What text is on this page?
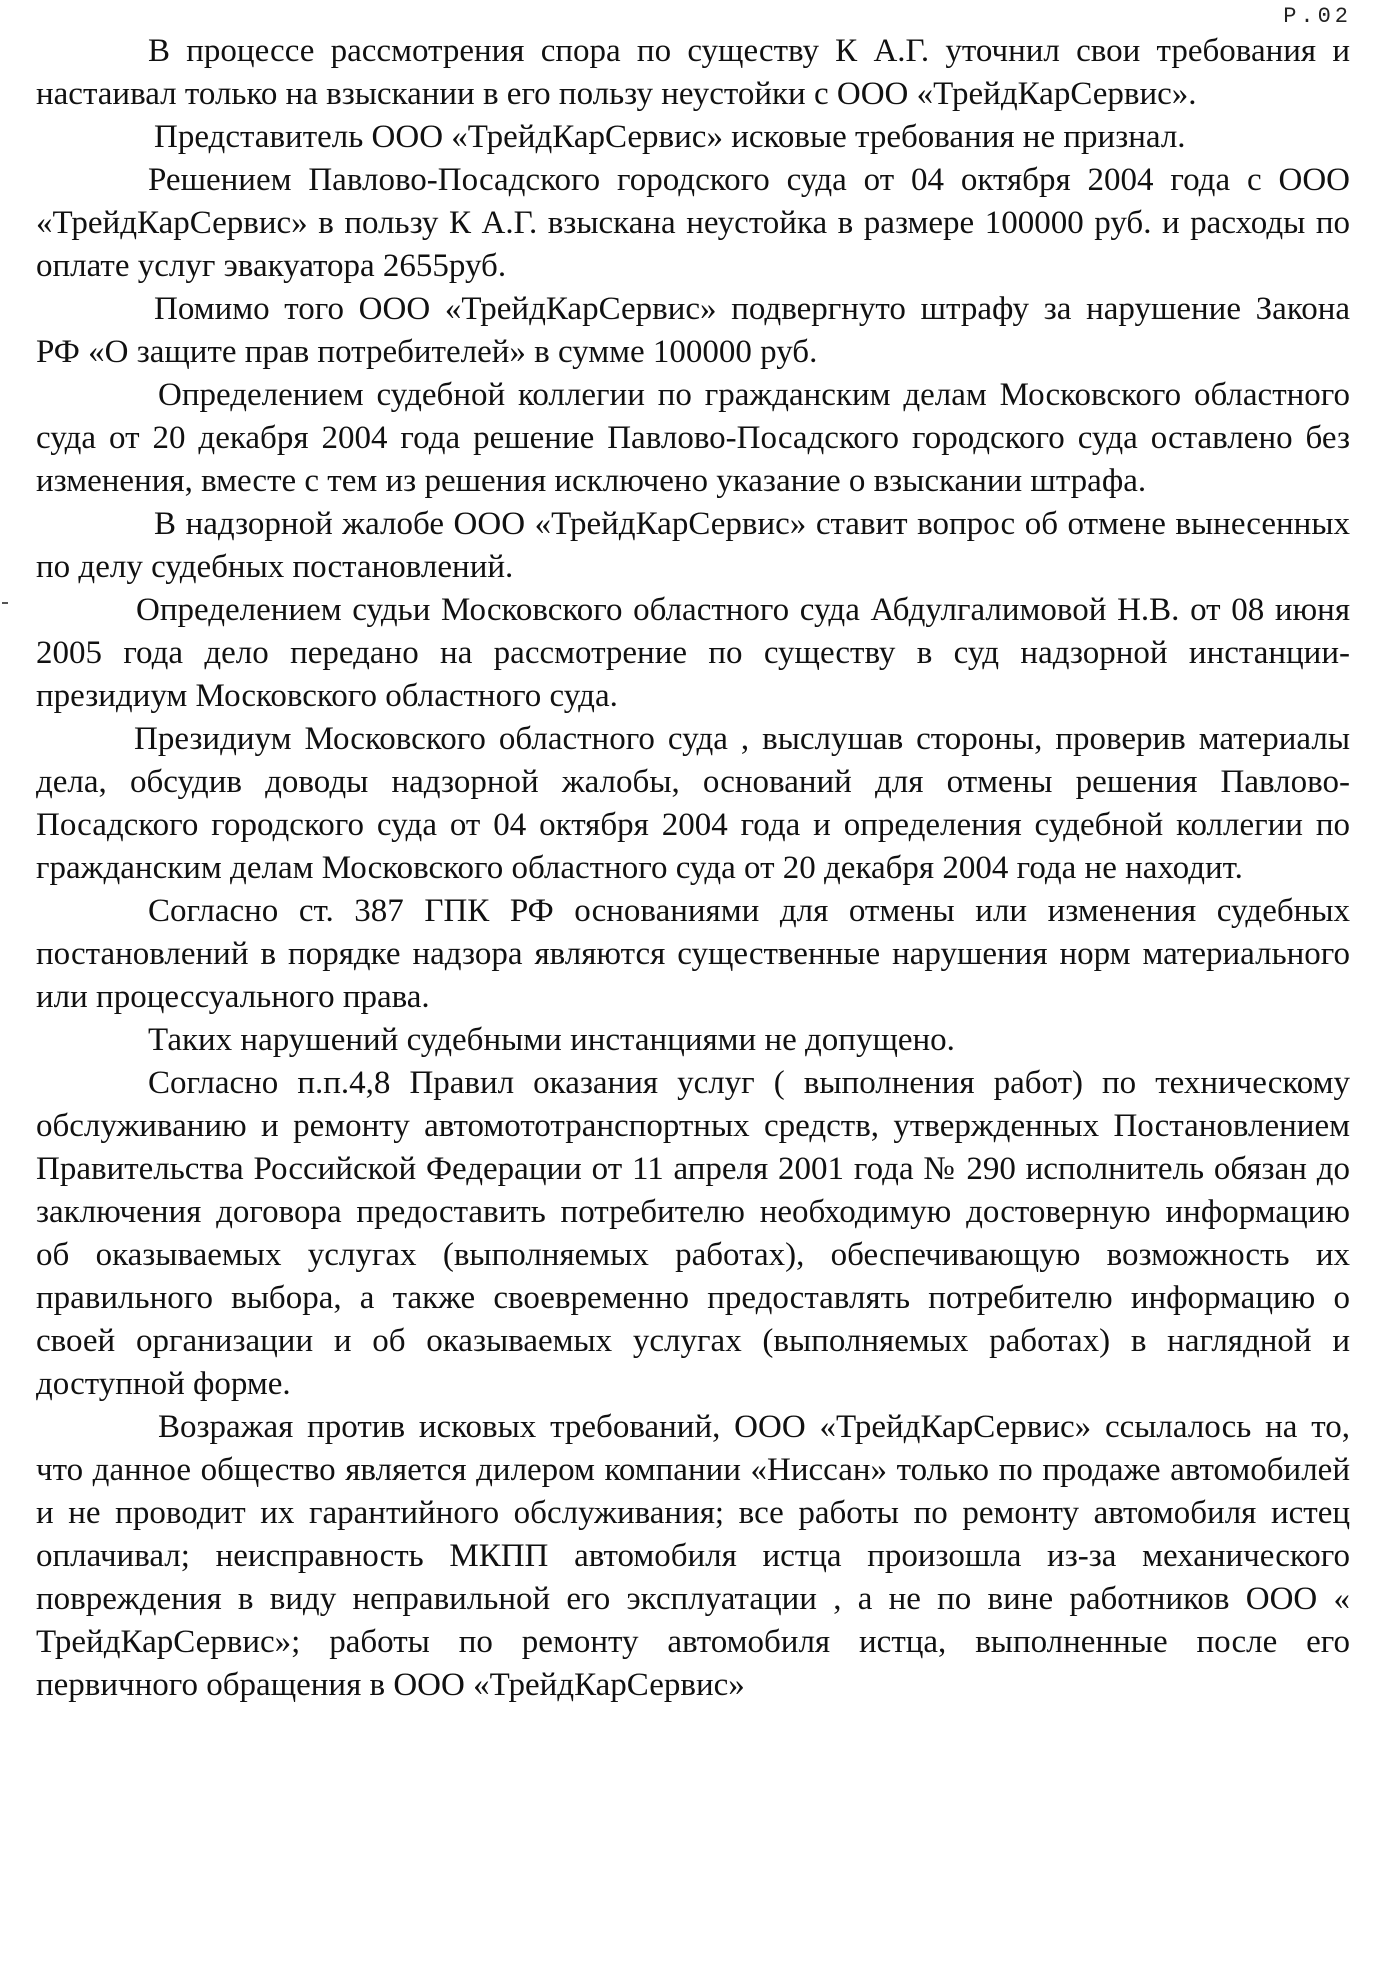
P.02

В процессе рассмотрения спора по существу К А.Г. уточнил свои требования и настаивал только на взыскании в его пользу неустойки с ООО «ТрейдКарСервис».

Представитель ООО «ТрейдКарСервис» исковые требования не признал.

Решением Павлово-Посадского городского суда от 04 октября 2004 года с ООО «ТрейдКарСервис» в пользу К А.Г. взыскана неустойка в размере 100000 руб. и расходы по оплате услуг эвакуатора 2655руб.

Помимо того ООО «ТрейдКарСервис» подвергнуто штрафу за нарушение Закона РФ «О защите прав потребителей» в сумме 100000 руб.

Определением судебной коллегии по гражданским делам Московского областного суда от 20 декабря 2004 года решение Павлово-Посадского городского суда оставлено без изменения, вместе с тем из решения исключено указание о взыскании штрафа.

В надзорной жалобе ООО «ТрейдКарСервис» ставит вопрос об отмене вынесенных по делу судебных постановлений.

Определением судьи Московского областного суда Абдулгалимовой Н.В. от 08 июня 2005 года дело передано на рассмотрение по существу в суд надзорной инстанции- президиум Московского областного суда.

Президиум Московского областного суда , выслушав стороны, проверив материалы дела, обсудив доводы надзорной жалобы, оснований для отмены решения Павлово-Посадского городского суда от 04 октября 2004 года и определения судебной коллегии по гражданским делам Московского областного суда от 20 декабря 2004 года не находит.

Согласно ст. 387 ГПК РФ основаниями для отмены или изменения судебных постановлений в порядке надзора являются существенные нарушения норм материального или процессуального права.

Таких нарушений судебными инстанциями не допущено.

Согласно п.п.4,8 Правил оказания услуг ( выполнения работ) по техническому обслуживанию и ремонту автомототранспортных средств, утвержденных Постановлением Правительства Российской Федерации от 11 апреля 2001 года № 290 исполнитель обязан до заключения договора предоставить потребителю необходимую достоверную информацию об оказываемых услугах (выполняемых работах), обеспечивающую возможность их правильного выбора, а также своевременно предоставлять потребителю информацию о своей организации и об оказываемых услугах (выполняемых работах) в наглядной и доступной форме.

Возражая против исковых требований, ООО «ТрейдКарСервис» ссылалось на то, что данное общество является дилером компании «Ниссан» только по продаже автомобилей и не проводит их гарантийного обслуживания; все работы по ремонту автомобиля истец оплачивал; неисправность МКПП автомобиля истца произошла из-за механического повреждения в виду неправильной его эксплуатации , а не по вине работников ООО « ТрейдКарСервис»; работы по ремонту автомобиля истца, выполненные после его первичного обращения в ООО «ТрейдКарСервис»
